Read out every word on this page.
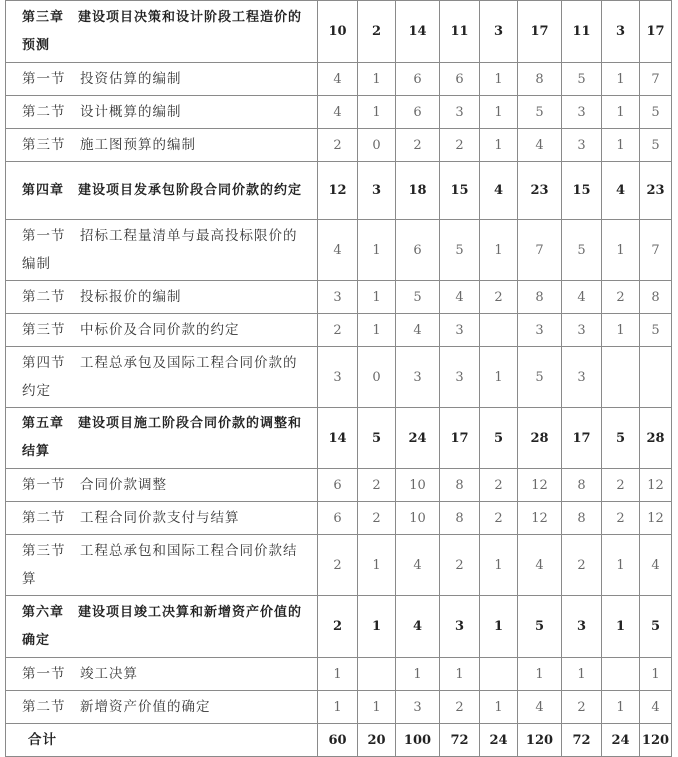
第三章　建设项目决策和设计阶段工程造价的预测	10	2	14	11	3	17	11	3	17
第一节　投资估算的编制	4	1	6	6	1	8	5	1	7
第二节　设计概算的编制	4	1	6	3	1	5	3	1	5
第三节　施工图预算的编制	2	0	2	2	1	4	3	1	5
第四章　建设项目发承包阶段合同价款的约定	12	3	18	15	4	23	15	4	23
第一节　招标工程量清单与最高投标限价的编制	4	1	6	5	1	7	5	1	7
第二节　投标报价的编制	3	1	5	4	2	8	4	2	8
第三节　中标价及合同价款的约定	2	1	4	3		3	3	1	5
第四节　工程总承包及国际工程合同价款的约定	3	0	3	3	1	5	3		
第五章　建设项目施工阶段合同价款的调整和结算	14	5	24	17	5	28	17	5	28
第一节　合同价款调整	6	2	10	8	2	12	8	2	12
第二节　工程合同价款支付与结算	6	2	10	8	2	12	8	2	12
第三节　工程总承包和国际工程合同价款结算	2	1	4	2	1	4	2	1	4
第六章　建设项目竣工决算和新增资产价值的确定	2	1	4	3	1	5	3	1	5
第一节　竣工决算	1		1	1		1	1		1
第二节　新增资产价值的确定	1	1	3	2	1	4	2	1	4
合计	60	20	100	72	24	120	72	24	120
